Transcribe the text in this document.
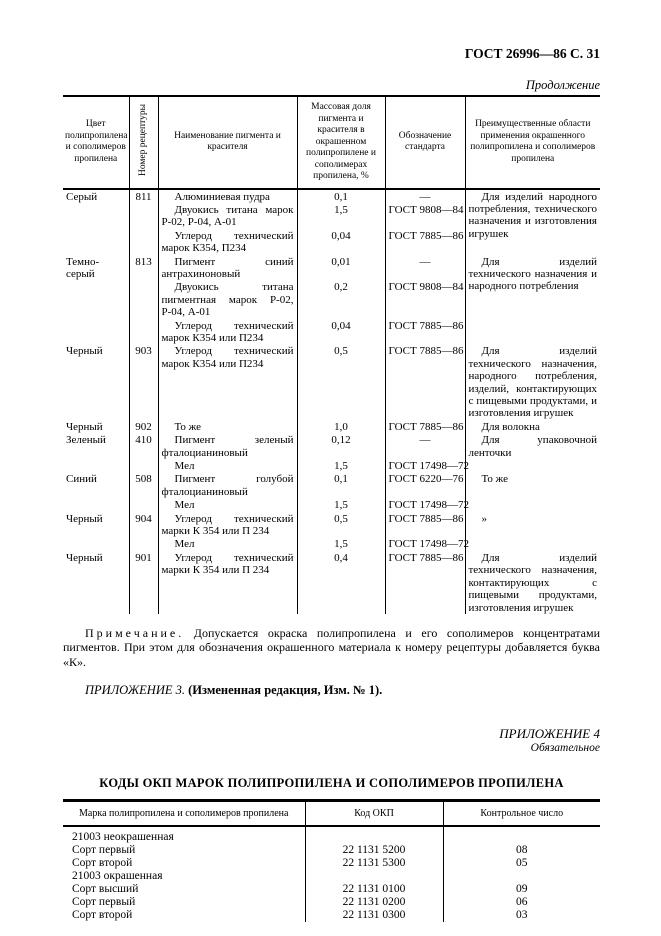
ГОСТ 26996—86 С. 31
Продолжение
Цвет полипропилена и сополимеров пропилена	Номер рецептуры	Наименование пигмента и красителя	Массовая доля пигмента и красителя в окрашенном полипропилене и сополимерах пропилена, %	Обозначение стандарта	Преимущественные области применения окрашенного полипропилена и сополимеров пропилена
Серый	811	Алюминиевая пудра	0,1	—	Для изделий народного потребления, технического назначения и изготовления игрушек
		Двуокись титана марок Р-02, Р-04, А-01	1,5	ГОСТ 9808—84	
		Углерод технический марок К354, П234	0,04	ГОСТ 7885—86	
Темно-серый	813	Пигмент синий антрахиноновый	0,01	—	Для изделий технического назначения и народного потребления
		Двуокись титана пигментная марок Р-02, Р-04, А-01	0,2	ГОСТ 9808—84	
		Углерод технический марок К354 или П234	0,04	ГОСТ 7885—86	
Черный	903	Углерод технический марок К354 или П234	0,5	ГОСТ 7885—86	Для изделий технического назначения, народного потребления, изделий, контактирующих с пищевыми продуктами, и изготовления игрушек
Черный	902	То же	1,0	ГОСТ 7885—86	Для волокна
Зеленый	410	Пигмент зеленый фталоцианиновый	0,12	—	Для упаковочной ленточки
		Мел	1,5	ГОСТ 17498—72	
Синий	508	Пигмент голубой фталоцианиновый	0,1	ГОСТ 6220—76	То же
		Мел	1,5	ГОСТ 17498—72	
Черный	904	Углерод технический марки К 354 или П 234	0,5	ГОСТ 7885—86	»
		Мел	1,5	ГОСТ 17498—72	
Черный	901	Углерод технический марки К 354 или П 234	0,4	ГОСТ 7885—86	Для изделий технического назначения, контактирующих с пищевыми продуктами, изготовления игрушек

Примечание. Допускается окраска полипропилена и его сополимеров концентратами пигментов. При этом для обозначения окрашенного материала к номеру рецептуры добавляется буква «К».

ПРИЛОЖЕНИЕ 3. (Измененная редакция, Изм. № 1).

ПРИЛОЖЕНИЕ 4
Обязательное
КОДЫ ОКП МАРОК ПОЛИПРОПИЛЕНА И СОПОЛИМЕРОВ ПРОПИЛЕНА
Марка полипропилена и сополимеров пропилена	Код ОКП	Контрольное число
21003 неокрашенная		
Сорт первый	22 1131 5200	08
Сорт второй	22 1131 5300	05
21003 окрашенная		
Сорт высший	22 1131 0100	09
Сорт первый	22 1131 0200	06
Сорт второй	22 1131 0300	03
